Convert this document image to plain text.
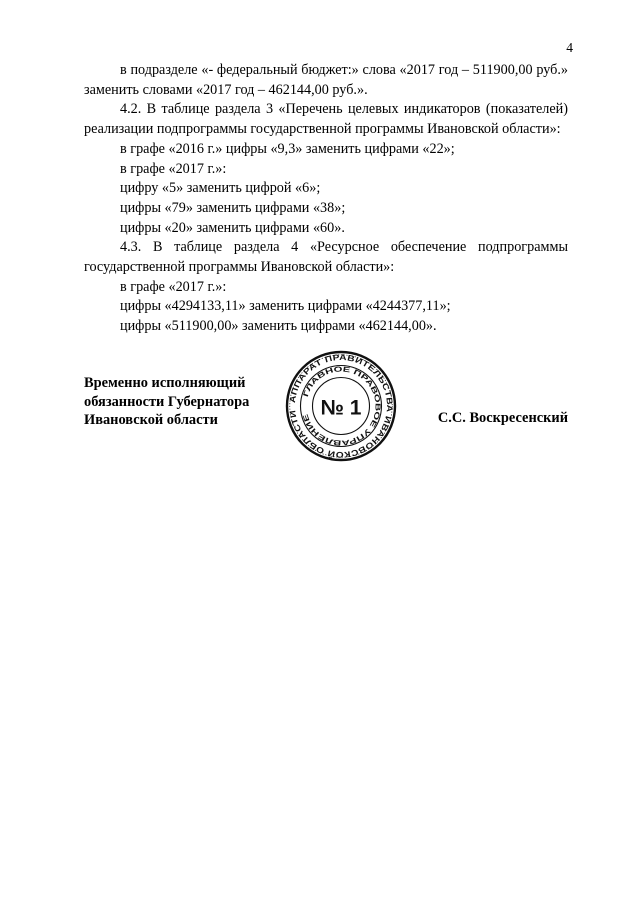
4

в подразделе «- федеральный бюджет:» слова «2017 год – 511900,00 руб.» заменить словами «2017 год – 462144,00 руб.».

4.2. В таблице раздела 3 «Перечень целевых индикаторов (показателей) реализации подпрограммы государственной программы Ивановской области»:

в графе «2016 г.» цифры «9,3» заменить цифрами «22»;

в графе «2017 г.»:

цифру «5» заменить цифрой «6»;

цифры «79» заменить цифрами «38»;

цифры «20» заменить цифрами «60».

4.3. В таблице раздела 4 «Ресурсное обеспечение подпрограммы государственной программы Ивановской области»:

в графе «2017 г.»:

цифры «4294133,11» заменить цифрами «4244377,11»;

цифры «511900,00» заменить цифрами «462144,00».

Временно исполняющий
обязанности Губернатора
Ивановской области
АППАРАТ ПРАВИТЕЛЬСТВА ИВАНОВСКОЙ ОБЛАСТИ
ГЛАВНОЕ ПРАВОВОЕ УПРАВЛЕНИЕ № 1	С.С. Воскресенский
